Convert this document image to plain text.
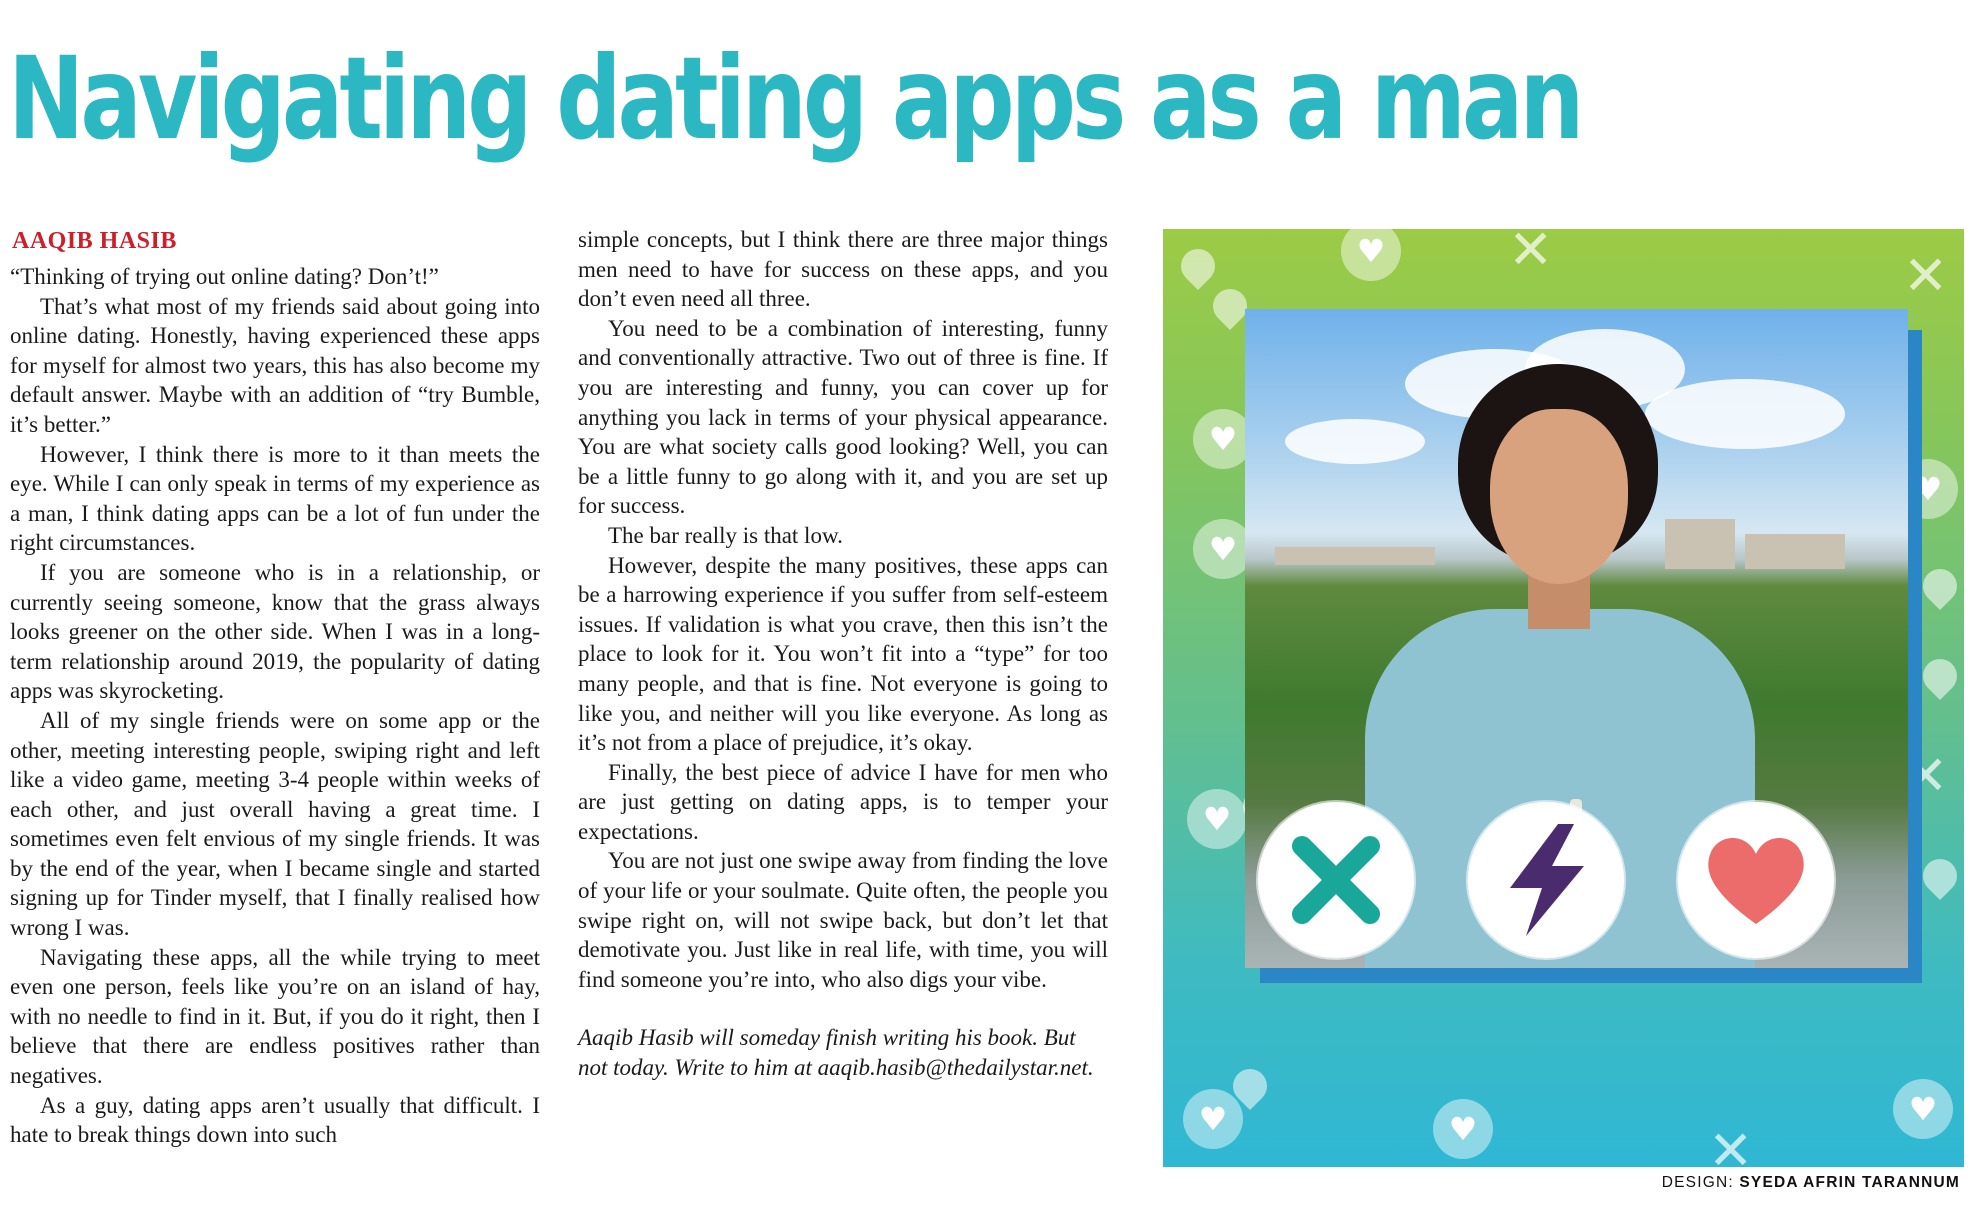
Navigating dating apps as a man
AAQIB HASIB

“Thinking of trying out online dating? Don’t!”

That’s what most of my friends said about going into online dating. Honestly, having experienced these apps for myself for almost two years, this has also become my default answer. Maybe with an addition of “try Bumble, it’s better.”

However, I think there is more to it than meets the eye. While I can only speak in terms of my experience as a man, I think dating apps can be a lot of fun under the right circumstances.

If you are someone who is in a relationship, or currently seeing someone, know that the grass always looks greener on the other side. When I was in a long-term relationship around 2019, the popularity of dating apps was skyrocketing.

All of my single friends were on some app or the other, meeting interesting people, swiping right and left like a video game, meeting 3-4 people within weeks of each other, and just overall having a great time. I sometimes even felt envious of my single friends. It was by the end of the year, when I became single and started signing up for Tinder myself, that I finally realised how wrong I was.

Navigating these apps, all the while trying to meet even one person, feels like you’re on an island of hay, with no needle to find in it. But, if you do it right, then I believe that there are endless positives rather than negatives.

As a guy, dating apps aren’t usually that difficult. I hate to break things down into such

simple concepts, but I think there are three major things men need to have for success on these apps, and you don’t even need all three.

You need to be a combination of interesting, funny and conventionally attractive. Two out of three is fine. If you are interesting and funny, you can cover up for anything you lack in terms of your physical appearance. You are what society calls good looking? Well, you can be a little funny to go along with it, and you are set up for success.

The bar really is that low.

However, despite the many positives, these apps can be a harrowing experience if you suffer from self-esteem issues. If validation is what you crave, then this isn’t the place to look for it. You won’t fit into a “type” for too many people, and that is fine. Not everyone is going to like you, and neither will you like everyone. As long as it’s not from a place of prejudice, it’s okay.

Finally, the best piece of advice I have for men who are just getting on dating apps, is to temper your expectations.

You are not just one swipe away from finding the love of your life or your soulmate. Quite often, the people you swipe right on, will not swipe back, but don’t let that demotivate you. Just like in real life, with time, you will find someone you’re into, who also digs your vibe.

Aaqib Hasib will someday finish writing his book. But not today. Write to him at aaqib.hasib@thedailystar.net.

♥
✕
✕
♥
♥
♥
♥
✕
♥
♥
♥
✕
DESIGN: SYEDA AFRIN TARANNUM
